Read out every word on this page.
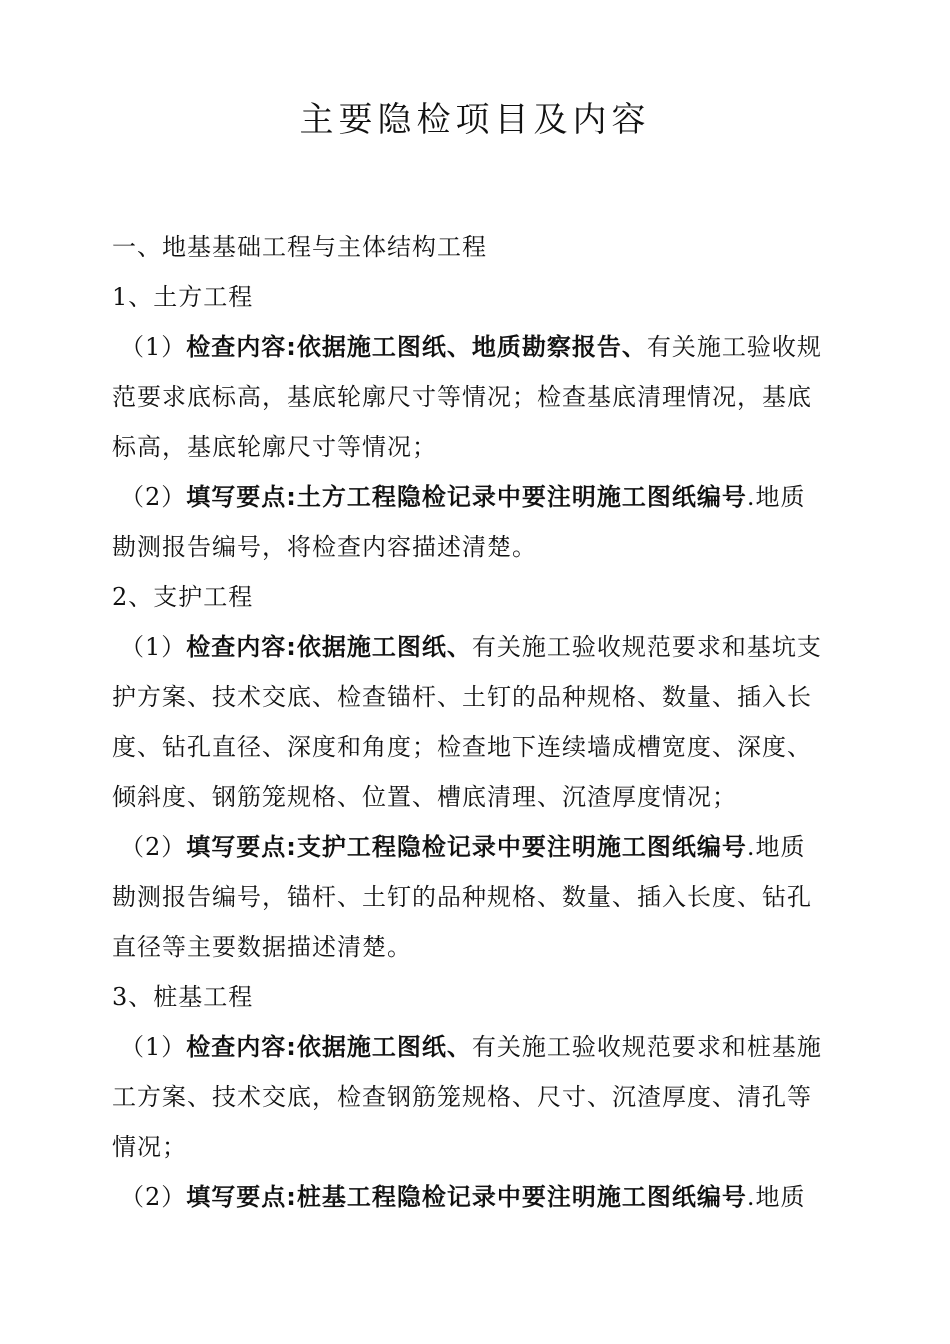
主要隐检项目及内容
一、地基基础工程与主体结构工程
1、土方工程
（1）检查内容:依据施工图纸、地质勘察报告、有关施工验收规
范要求底标高，基底轮廓尺寸等情况；检查基底清理情况，基底
标高，基底轮廓尺寸等情况；
（2）填写要点:土方工程隐检记录中要注明施工图纸编号.地质
勘测报告编号，将检查内容描述清楚。
2、支护工程
（1）检查内容:依据施工图纸、有关施工验收规范要求和基坑支
护方案、技术交底、检查锚杆、土钉的品种规格、数量、插入长
度、钻孔直径、深度和角度；检查地下连续墙成槽宽度、深度、
倾斜度、钢筋笼规格、位置、槽底清理、沉渣厚度情况；
（2）填写要点:支护工程隐检记录中要注明施工图纸编号.地质
勘测报告编号，锚杆、土钉的品种规格、数量、插入长度、钻孔
直径等主要数据描述清楚。
3、桩基工程
（1）检查内容:依据施工图纸、有关施工验收规范要求和桩基施
工方案、技术交底，检查钢筋笼规格、尺寸、沉渣厚度、清孔等
情况；
（2）填写要点:桩基工程隐检记录中要注明施工图纸编号.地质
